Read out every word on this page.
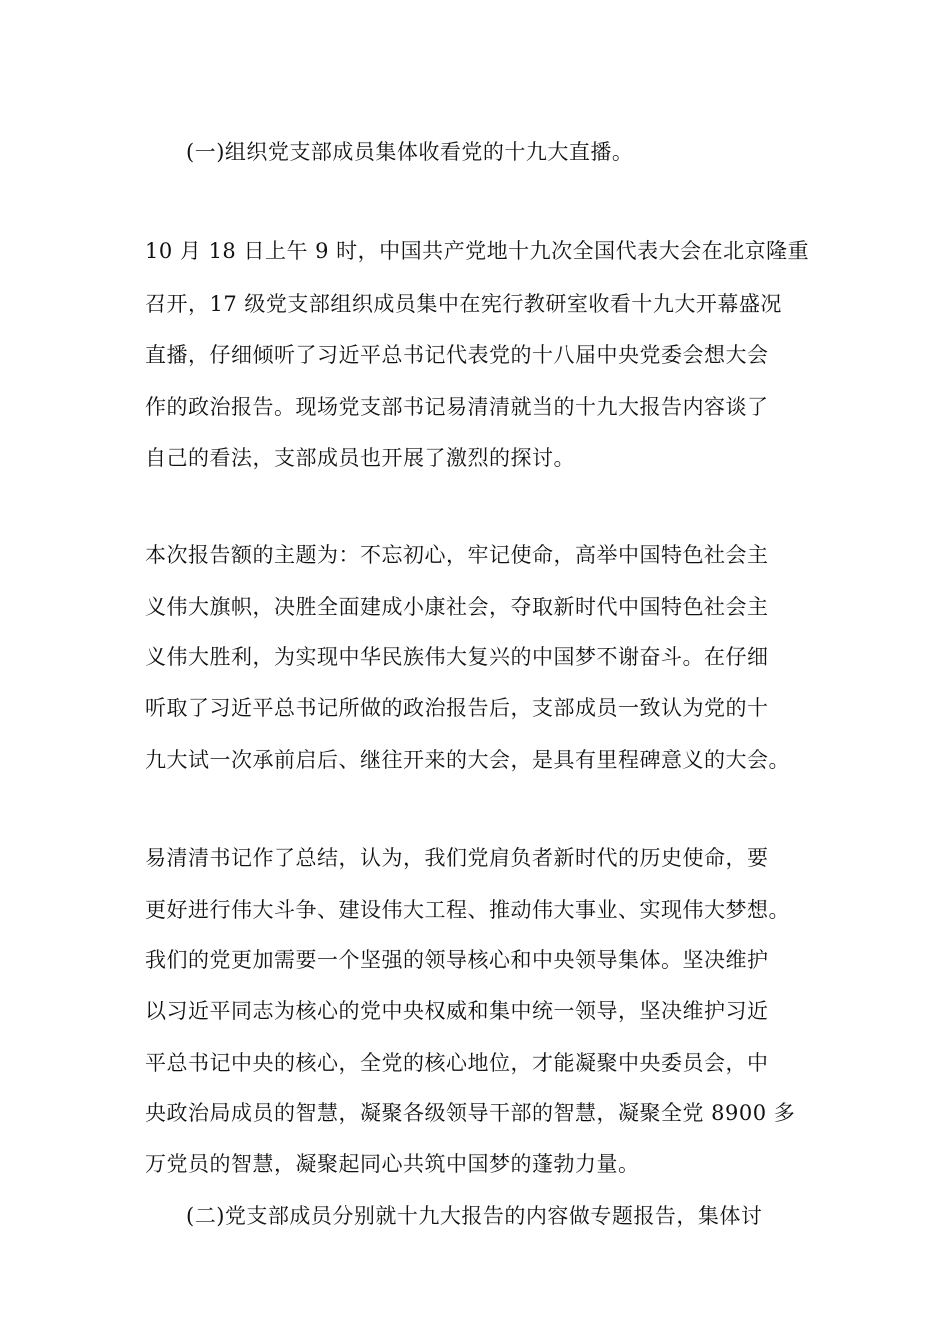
(一)组织党支部成员集体收看党的十九大直播。
10 月 18 日上午 9 时，中国共产党地十九次全国代表大会在北京隆重
召开，17 级党支部组织成员集中在宪行教研室收看十九大开幕盛况
直播，仔细倾听了习近平总书记代表党的十八届中央党委会想大会
作的政治报告。现场党支部书记易清清就当的十九大报告内容谈了
自己的看法，支部成员也开展了激烈的探讨。
本次报告额的主题为：不忘初心，牢记使命，高举中国特色社会主
义伟大旗帜，决胜全面建成小康社会，夺取新时代中国特色社会主
义伟大胜利，为实现中华民族伟大复兴的中国梦不谢奋斗。在仔细
听取了习近平总书记所做的政治报告后，支部成员一致认为党的十
九大试一次承前启后、继往开来的大会，是具有里程碑意义的大会。
易清清书记作了总结，认为，我们党肩负者新时代的历史使命，要
更好进行伟大斗争、建设伟大工程、推动伟大事业、实现伟大梦想。
我们的党更加需要一个坚强的领导核心和中央领导集体。坚决维护
以习近平同志为核心的党中央权威和集中统一领导，坚决维护习近
平总书记中央的核心，全党的核心地位，才能凝聚中央委员会，中
央政治局成员的智慧，凝聚各级领导干部的智慧，凝聚全党 8900 多
万党员的智慧，凝聚起同心共筑中国梦的蓬勃力量。
(二)党支部成员分别就十九大报告的内容做专题报告，集体讨
